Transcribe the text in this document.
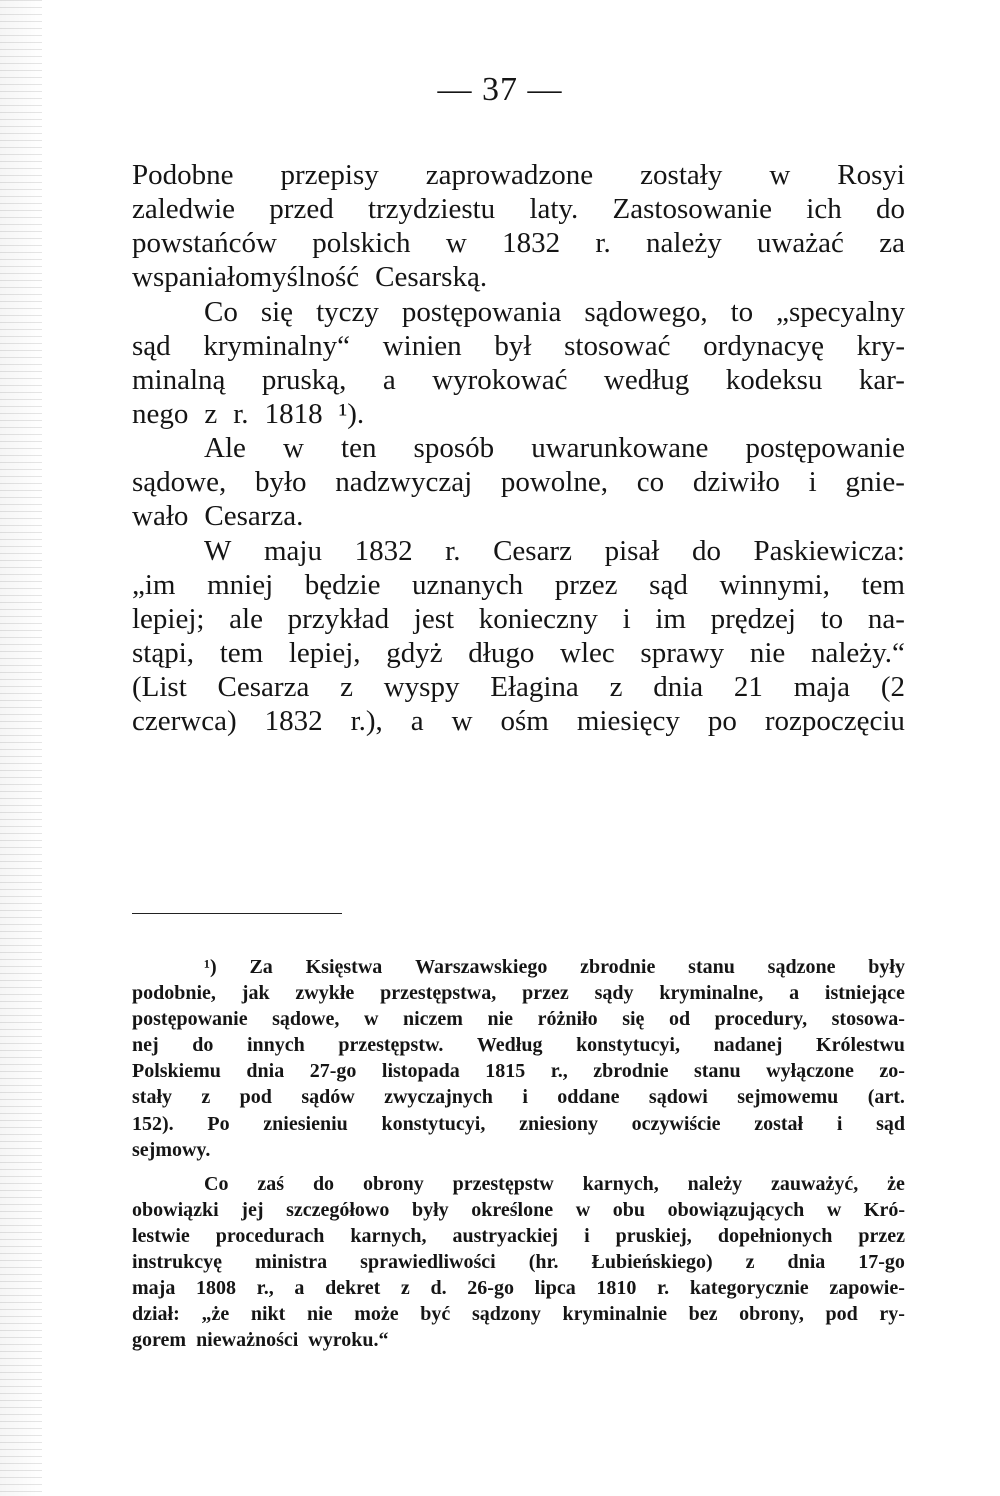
— 37 —
Podobne przepisy zaprowadzone zostały w Rosyi
zaledwie przed trzydziestu laty. Zastosowanie ich do
powstańców polskich w 1832 r. należy uważać za
wspaniałomyślność Cesarską.
Co się tyczy postępowania sądowego, to „specyalny
sąd kryminalny“ winien był stosować ordynacyę kry-
minalną pruską, a wyrokować według kodeksu kar-
nego z r. 1818 ¹).
Ale w ten sposób uwarunkowane postępowanie
sądowe, było nadzwyczaj powolne, co dziwiło i gnie-
wało Cesarza.
W maju 1832 r. Cesarz pisał do Paskiewicza:
„im mniej będzie uznanych przez sąd winnymi, tem
lepiej; ale przykład jest konieczny i im prędzej to na-
stąpi, tem lepiej, gdyż długo wlec sprawy nie należy.“
(List Cesarza z wyspy Ełagina z dnia 21 maja (2
czerwca) 1832 r.), a w ośm miesięcy po rozpoczęciu
¹) Za Księstwa Warszawskiego zbrodnie stanu sądzone były
podobnie, jak zwykłe przestępstwa, przez sądy kryminalne, a istniejące
postępowanie sądowe, w niczem nie różniło się od procedury, stosowa-
nej do innych przestępstw. Według konstytucyi, nadanej Królestwu
Polskiemu dnia 27-go listopada 1815 r., zbrodnie stanu wyłączone zo-
stały z pod sądów zwyczajnych i oddane sądowi sejmowemu (art.
152). Po zniesieniu konstytucyi, zniesiony oczywiście został i sąd
sejmowy.
Co zaś do obrony przestępstw karnych, należy zauważyć, że
obowiązki jej szczegółowo były określone w obu obowiązujących w Kró-
lestwie procedurach karnych, austryackiej i pruskiej, dopełnionych przez
instrukcyę ministra sprawiedliwości (hr. Łubieńskiego) z dnia 17-go
maja 1808 r., a dekret z d. 26-go lipca 1810 r. kategorycznie zapowie-
dział: „że nikt nie może być sądzony kryminalnie bez obrony, pod ry-
gorem nieważności wyroku.“
